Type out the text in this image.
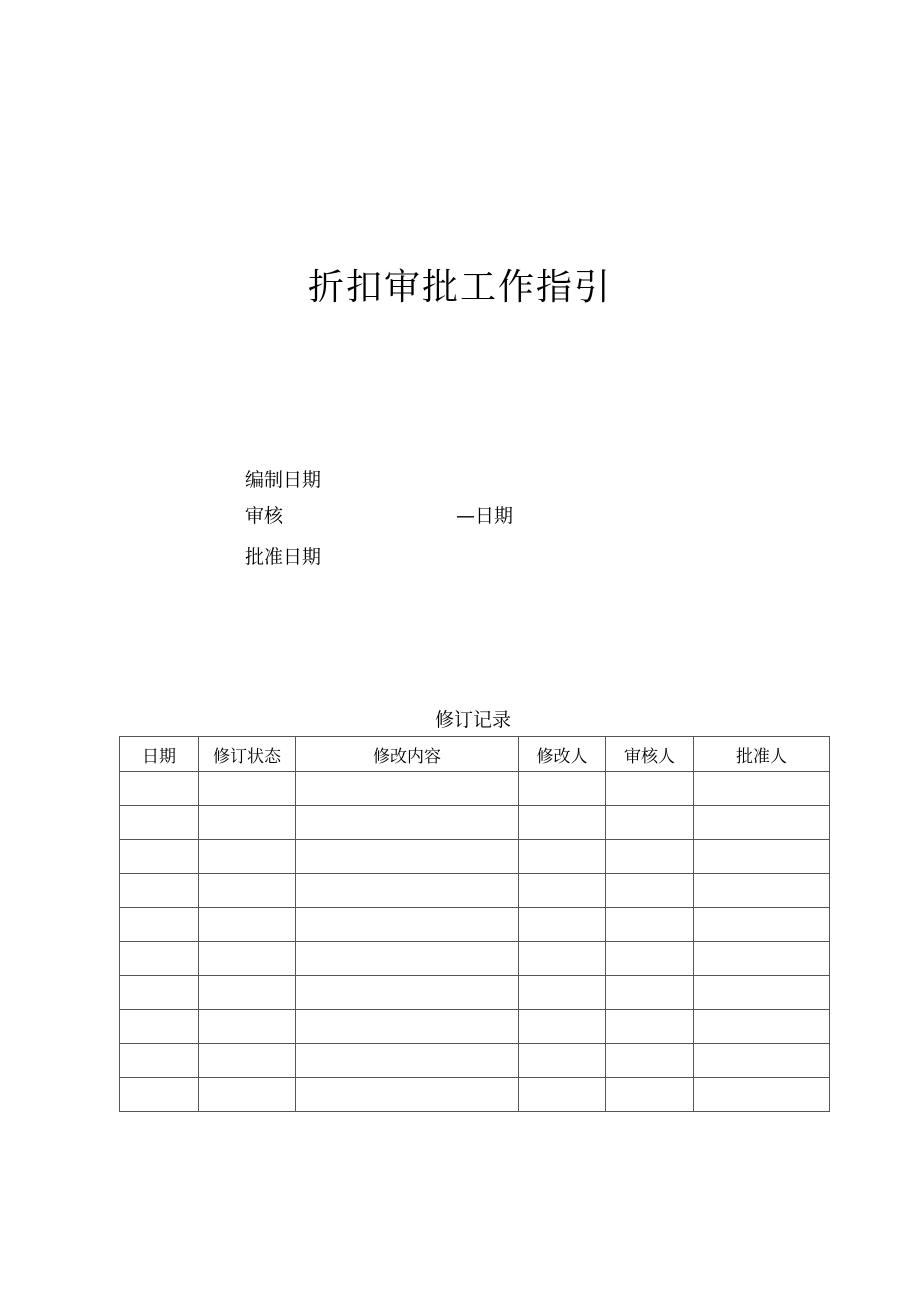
折扣审批工作指引
编制日期
审核	—日期
批准日期
修订记录
日期	修订状态	修改内容	修改人	审核人	批准人
